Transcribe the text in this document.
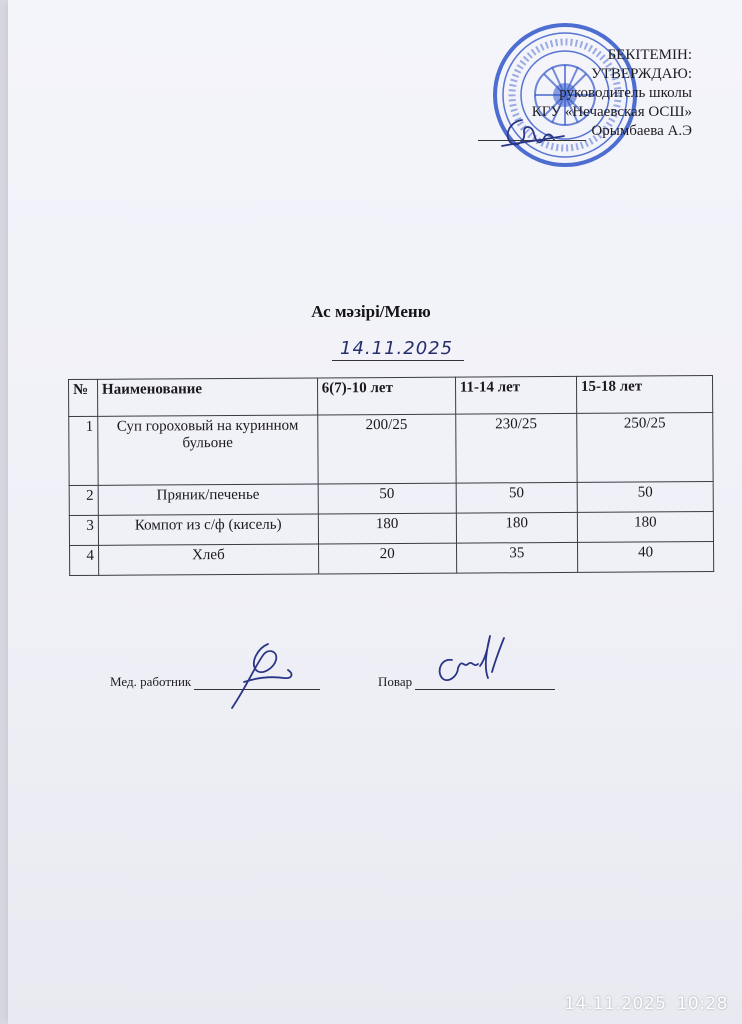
БЕКІТЕМІН:
УТВЕРЖДАЮ:
руководитель школы
КГУ «Нечаевская ОСШ»
Орымбаева А.Э
Ас мәзірі/Меню
14.11.2025
№	Наименование	6(7)-10 лет	11-14 лет	15-18 лет
1	Суп гороховый на куринном бульоне	200/25	230/25	250/25
2	Пряник/печенье	50	50	50
3	Компот из с/ф (кисель)	180	180	180
4	Хлеб	20	35	40
Мед. работник	Повар
14.11.2025 10:28
